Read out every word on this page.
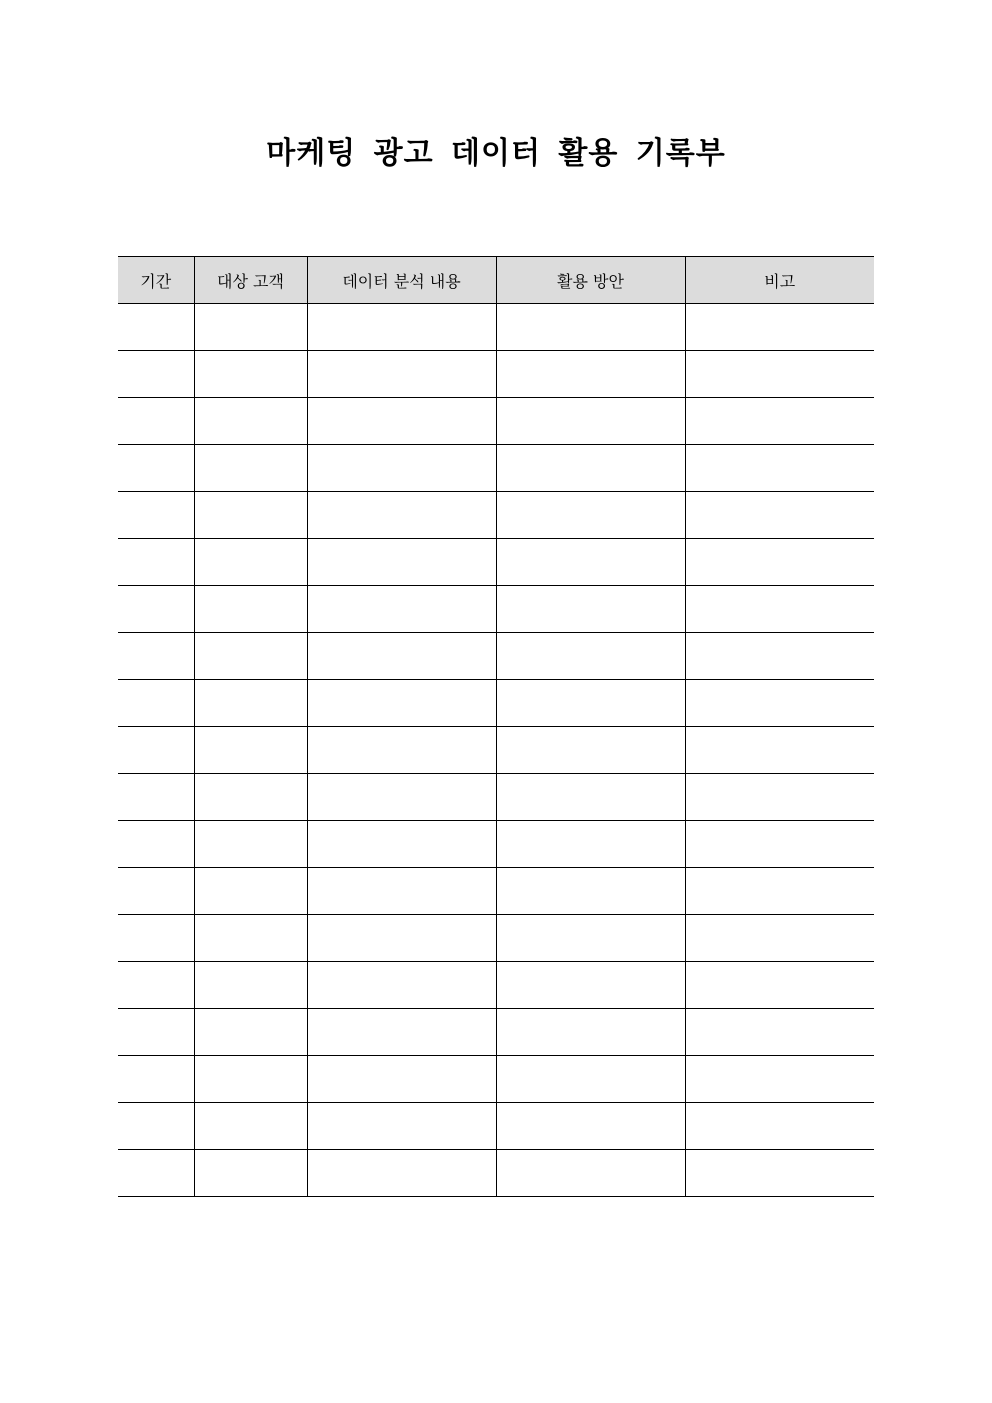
마케팅 광고 데이터 활용 기록부
기간	대상 고객	데이터 분석 내용	활용 방안	비고
